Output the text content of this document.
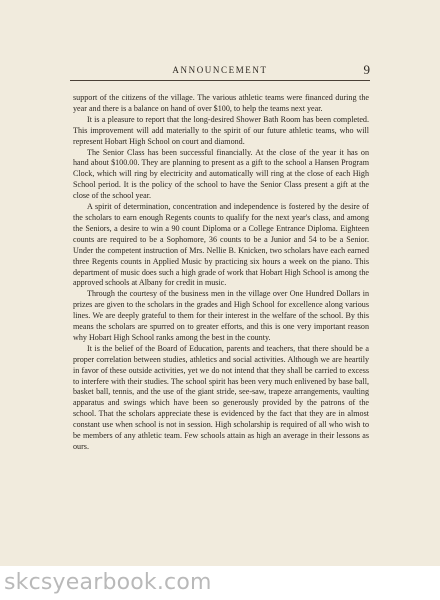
ANNOUNCEMENT	9

support of the citizens of the village. The various athletic teams were financed during the year and there is a balance on hand of over $100, to help the teams next year.

It is a pleasure to report that the long-desired Shower Bath Room has been completed. This improvement will add materially to the spirit of our future athletic teams, who will represent Hobart High School on court and diamond.

The Senior Class has been successful financially. At the close of the year it has on hand about $100.00. They are planning to present as a gift to the school a Hansen Program Clock, which will ring by electricity and automatically will ring at the close of each High School period. It is the policy of the school to have the Senior Class present a gift at the close of the school year.

A spirit of determination, concentration and independence is fostered by the desire of the scholars to earn enough Regents counts to qualify for the next year's class, and among the Seniors, a desire to win a 90 count Diploma or a College Entrance Diploma. Eighteen counts are required to be a Sophomore, 36 counts to be a Junior and 54 to be a Senior. Under the competent instruction of Mrs. Nellie B. Knicken, two scholars have each earned three Regents counts in Applied Music by practicing six hours a week on the piano. This department of music does such a high grade of work that Hobart High School is among the approved schools at Albany for credit in music.

Through the courtesy of the business men in the village over One Hundred Dollars in prizes are given to the scholars in the grades and High School for excellence along various lines. We are deeply grateful to them for their interest in the welfare of the school. By this means the scholars are spurred on to greater efforts, and this is one very important reason why Hobart High School ranks among the best in the county.

It is the belief of the Board of Education, parents and teachers, that there should be a proper correlation between studies, athletics and social activities. Although we are heartily in favor of these outside activities, yet we do not intend that they shall be carried to excess to interfere with their studies. The school spirit has been very much enlivened by base ball, basket ball, tennis, and the use of the giant stride, see-saw, trapeze arrangements, vaulting apparatus and swings which have been so generously provided by the patrons of the school. That the scholars appreciate these is evidenced by the fact that they are in almost constant use when school is not in session. High scholarship is required of all who wish to be members of any athletic team. Few schools attain as high an average in their lessons as ours.

skcsyearbook.com
